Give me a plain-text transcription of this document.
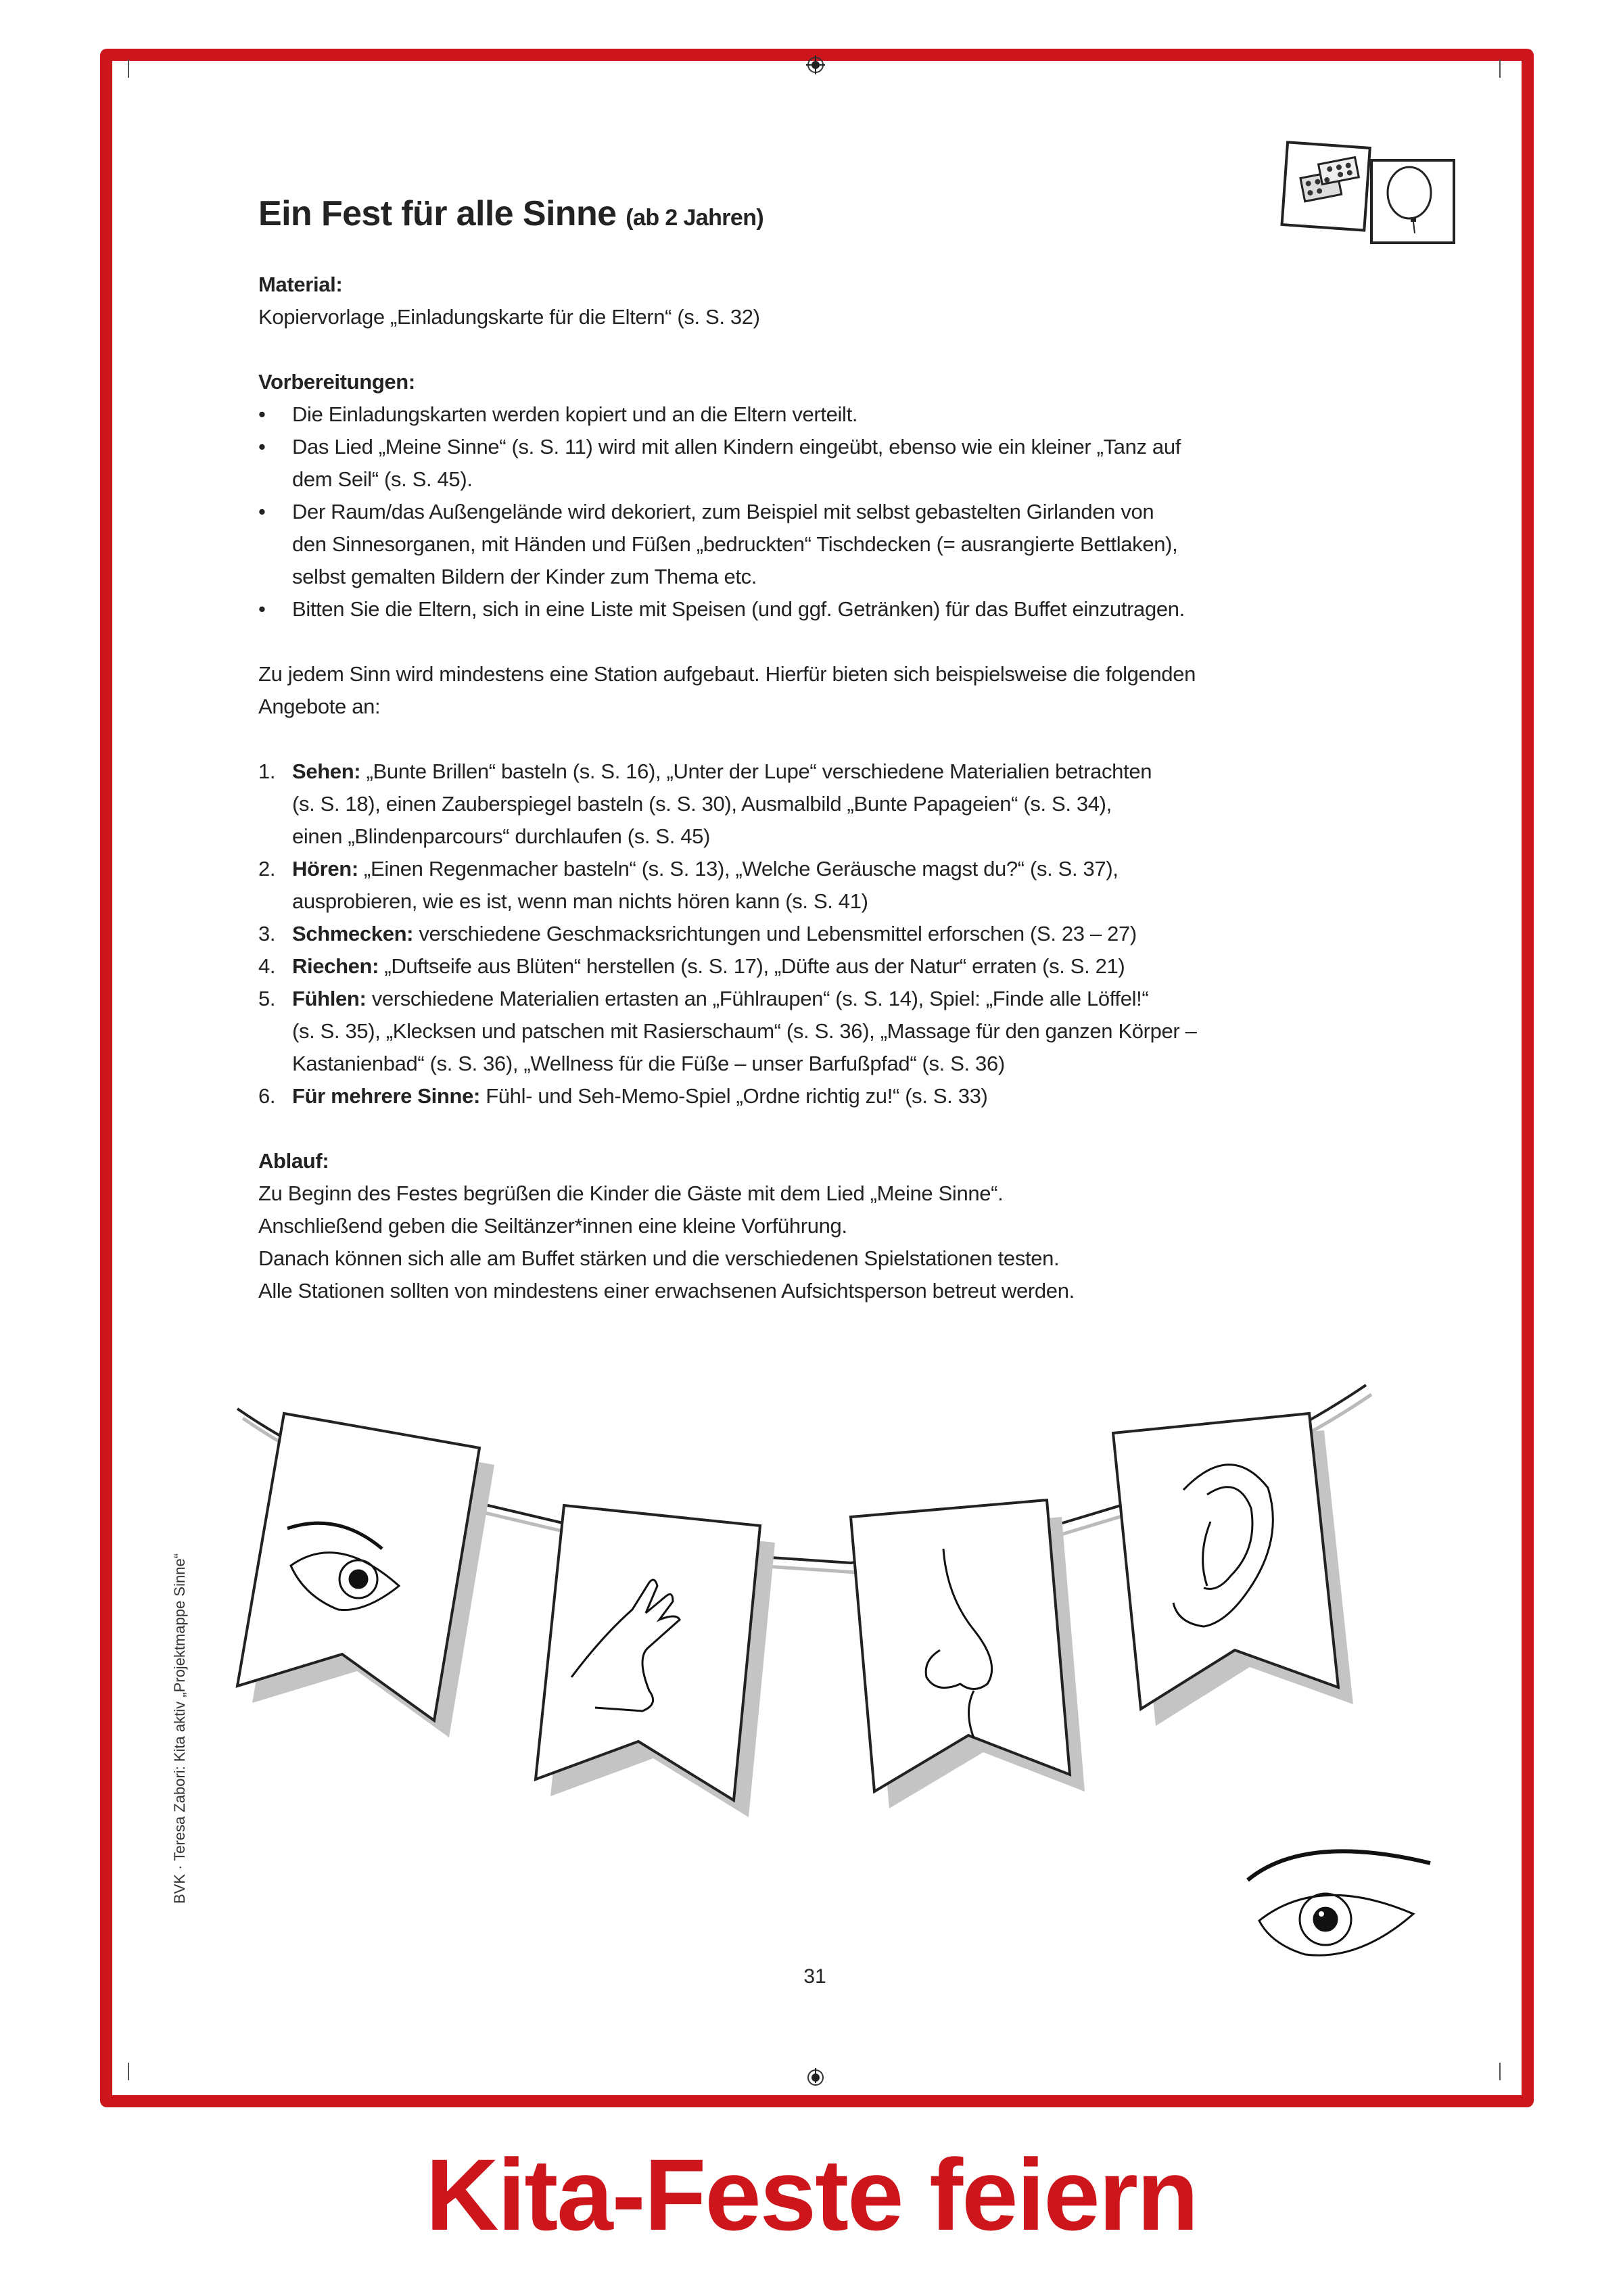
Ein Fest für alle Sinne (ab 2 Jahren)

Material:

Kopiervorlage „Einladungskarte für die Eltern“ (s. S. 32)

Vorbereitungen:

• Die Einladungskarten werden kopiert und an die Eltern verteilt.
• Das Lied „Meine Sinne“ (s. S. 11) wird mit allen Kindern eingeübt, ebenso wie ein kleiner „Tanz auf
dem Seil“ (s. S. 45).
• Der Raum/das Außengelände wird dekoriert, zum Beispiel mit selbst gebastelten Girlanden von
den Sinnesorganen, mit Händen und Füßen „bedruckten“ Tischdecken (= ausrangierte Bettlaken),
selbst gemalten Bildern der Kinder zum Thema etc.
• Bitten Sie die Eltern, sich in eine Liste mit Speisen (und ggf. Getränken) für das Buffet einzutragen.

Zu jedem Sinn wird mindestens eine Station aufgebaut. Hierfür bieten sich beispielsweise die folgenden

Angebote an:

1. Sehen: „Bunte Brillen“ basteln (s. S. 16), „Unter der Lupe“ verschiedene Materialien betrachten
(s. S. 18), einen Zauberspiegel basteln (s. S. 30), Ausmalbild „Bunte Papageien“ (s. S. 34),
einen „Blindenparcours“ durchlaufen (s. S. 45)
2. Hören: „Einen Regenmacher basteln“ (s. S. 13), „Welche Geräusche magst du?“ (s. S. 37),
ausprobieren, wie es ist, wenn man nichts hören kann (s. S. 41)
3. Schmecken: verschiedene Geschmacksrichtungen und Lebensmittel erforschen (S. 23 – 27)
4. Riechen: „Duftseife aus Blüten“ herstellen (s. S. 17), „Düfte aus der Natur“ erraten (s. S. 21)
5. Fühlen: verschiedene Materialien ertasten an „Fühlraupen“ (s. S. 14), Spiel: „Finde alle Löffel!“
(s. S. 35), „Klecksen und patschen mit Rasierschaum“ (s. S. 36), „Massage für den ganzen Körper –
Kastanienbad“ (s. S. 36), „Wellness für die Füße – unser Barfußpfad“ (s. S. 36)
6. Für mehrere Sinne: Fühl- und Seh-Memo-Spiel „Ordne richtig zu!“ (s. S. 33)

Ablauf:

Zu Beginn des Festes begrüßen die Kinder die Gäste mit dem Lied „Meine Sinne“.

Anschließend geben die Seiltänzer*innen eine kleine Vorführung.

Danach können sich alle am Buffet stärken und die verschiedenen Spielstationen testen.

Alle Stationen sollten von mindestens einer erwachsenen Aufsichtsperson betreut werden.

BVK · Teresa Zabori: Kita aktiv „Projektmappe Sinne“
31
Kita-Feste feiern
